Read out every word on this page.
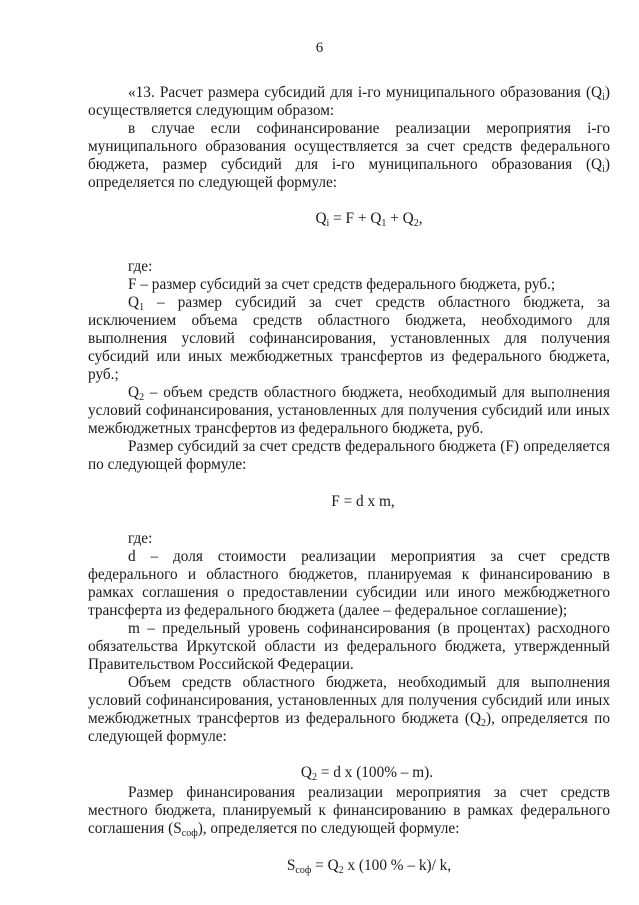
6

«13. Расчет размера субсидий для i-го муниципального образования $(Q_i)$ осуществляется следующим образом:

в случае если софинансирование реализации мероприятия i-го муниципального образования осуществляется за счет средств федерального бюджета, размер субсидий для i-го муниципального образования $(Q_i)$ определяется по следующей формуле:

$Q_i = F + Q_1 + Q_2$,

где:

F – размер субсидий за счет средств федерального бюджета, руб.;

$Q_1$ – размер субсидий за счет средств областного бюджета, за исключением объема средств областного бюджета, необходимого для выполнения условий софинансирования, установленных для получения субсидий или иных межбюджетных трансфертов из федерального бюджета, руб.;

$Q_2$ – объем средств областного бюджета, необходимый для выполнения условий софинансирования, установленных для получения субсидий или иных межбюджетных трансфертов из федерального бюджета, руб.

Размер субсидий за счет средств федерального бюджета (F) определяется по следующей формуле:

F = d x m,

где:

d – доля стоимости реализации мероприятия за счет средств федерального и областного бюджетов, планируемая к финансированию в рамках соглашения о предоставлении субсидии или иного межбюджетного трансферта из федерального бюджета (далее – федеральное соглашение);

m – предельный уровень софинансирования (в процентах) расходного обязательства Иркутской области из федерального бюджета, утвержденный Правительством Российской Федерации.

Объем средств областного бюджета, необходимый для выполнения условий софинансирования, установленных для получения субсидий или иных межбюджетных трансфертов из федерального бюджета $(Q_2)$, определяется по следующей формуле:

$Q_2 = d$ x (100% – m).

Размер финансирования реализации мероприятия за счет средств местного бюджета, планируемый к финансированию в рамках федерального соглашения $(S_{соф})$, определяется по следующей формуле:

$S_{соф} = Q_2$ x (100 % – k)/ k,
